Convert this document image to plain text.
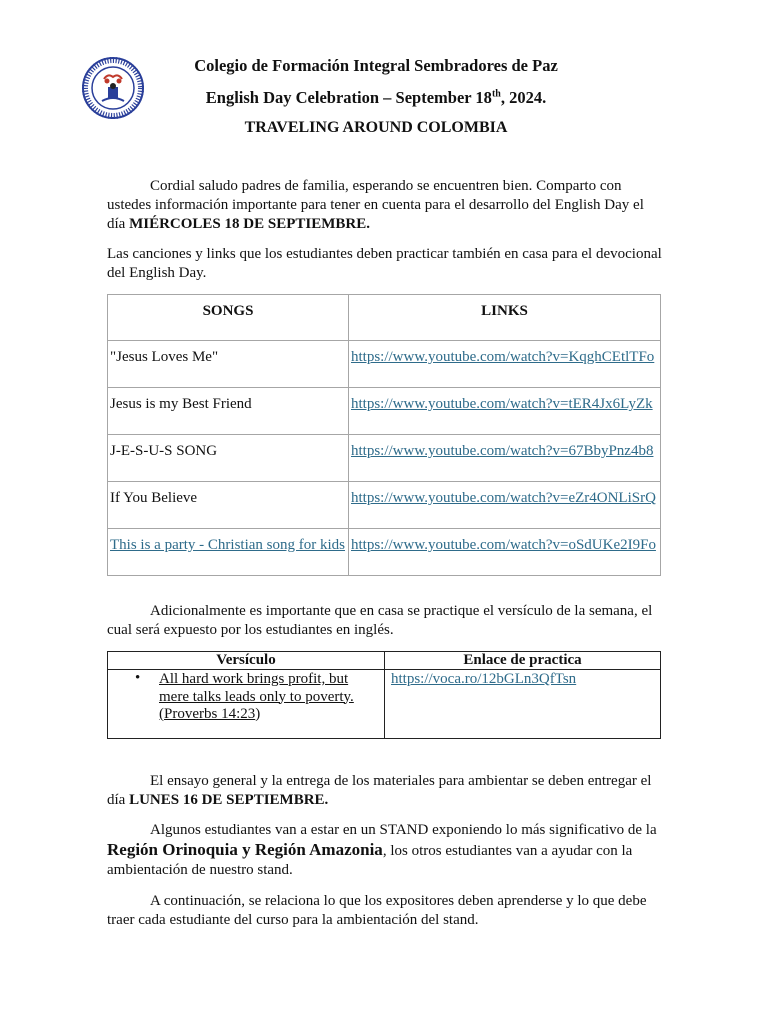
Colegio de Formación Integral Sembradores de Paz
English Day Celebration – September 18th, 2024.
TRAVELING AROUND COLOMBIA
Cordial saludo padres de familia, esperando se encuentren bien. Comparto con ustedes información importante para tener en cuenta para el desarrollo del English Day el día MIÉRCOLES 18 DE SEPTIEMBRE.
Las canciones y links que los estudiantes deben practicar también en casa para el devocional del English Day.
SONGS	LINKS
"Jesus Loves Me"	https://www.youtube.com/watch?v=KqghCEtlTFo
Jesus is my Best Friend	https://www.youtube.com/watch?v=tER4Jx6LyZk
J-E-S-U-S SONG	https://www.youtube.com/watch?v=67BbyPnz4b8
If You Believe	https://www.youtube.com/watch?v=eZr4ONLiSrQ
This is a party - Christian song for kids	https://www.youtube.com/watch?v=oSdUKe2I9Fo
Adicionalmente es importante que en casa se practique el versículo de la semana, el cual será expuesto por los estudiantes en inglés.
Versículo	Enlace de practica

• All hard work brings profit, but
mere talks leads only to poverty.
(Proverbs 14:23)	https://voca.ro/12bGLn3QfTsn
El ensayo general y la entrega de los materiales para ambientar se deben entregar el día LUNES 16 DE SEPTIEMBRE.
Algunos estudiantes van a estar en un STAND exponiendo lo más significativo de la Región Orinoquia y Región Amazonia, los otros estudiantes van a ayudar con la ambientación de nuestro stand.
A continuación, se relaciona lo que los expositores deben aprenderse y lo que debe traer cada estudiante del curso para la ambientación del stand.
